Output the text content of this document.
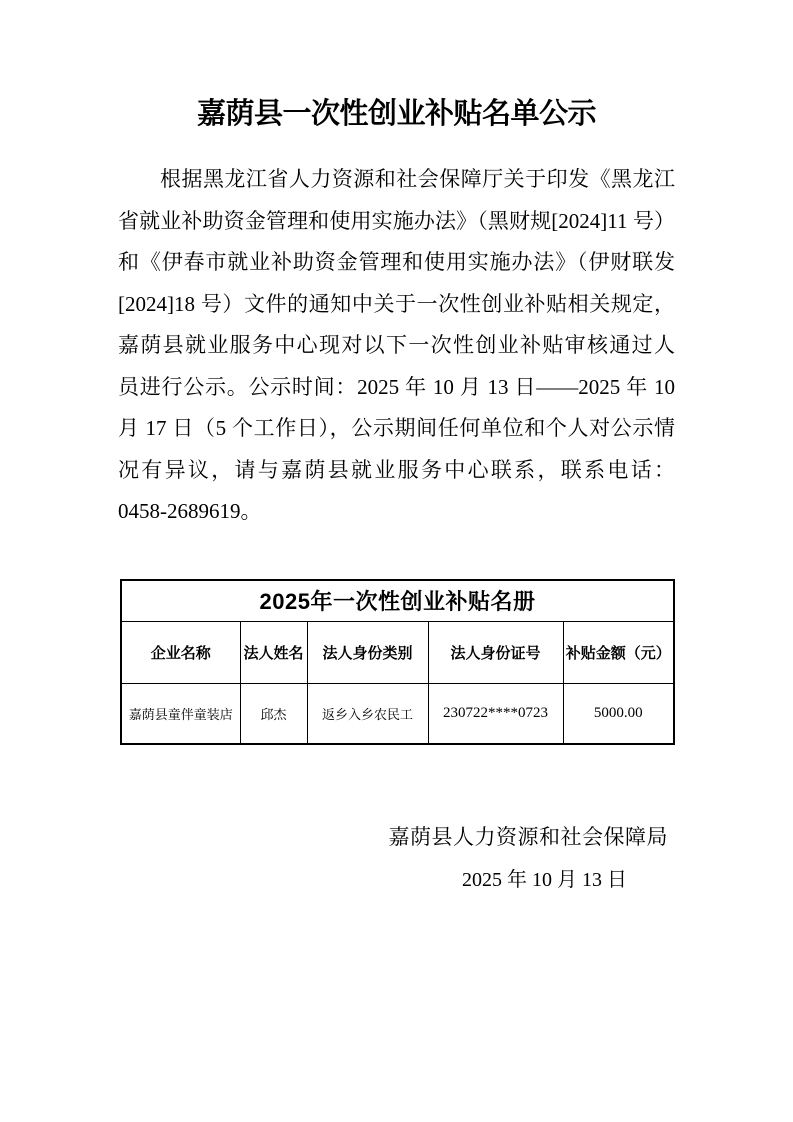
嘉荫县一次性创业补贴名单公示
根据黑龙江省人力资源和社会保障厅关于印发《黑龙江
省就业补助资金管理和使用实施办法》（黑财规[2024]11 号）
和《伊春市就业补助资金管理和使用实施办法》（伊财联发
[2024]18 号）文件的通知中关于一次性创业补贴相关规定，
嘉荫县就业服务中心现对以下一次性创业补贴审核通过人
员进行公示。公示时间：2025 年 10 月 13 日——2025 年 10
月 17 日（5 个工作日），公示期间任何单位和个人对公示情
况有异议，请与嘉荫县就业服务中心联系，联系电话：
0458-2689619。
2025年一次性创业补贴名册				
企业名称	法人姓名	法人身份类别	法人身份证号	补贴金额（元）
嘉荫县童伴童装店	邱杰	返乡入乡农民工	230722****0723	5000.00
嘉荫县人力资源和社会保障局
2025 年 10 月 13 日
